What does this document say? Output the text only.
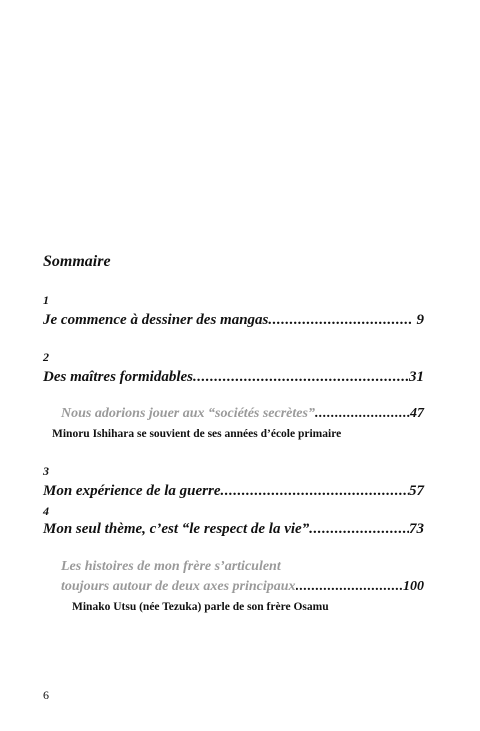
Sommaire
1
Je commence à dessiner des mangas .....	9
2
Des maîtres formidables .....	31
Nous adorions jouer aux “sociétés secrètes” .....	47
Minoru Ishihara se souvient de ses années d’école primaire
3
Mon expérience de la guerre .....	57
4
Mon seul thème, c’est “le respect de la vie” .....	73
Les histoires de mon frère s’articulent
toujours autour de deux axes principaux .....	100
Minako Utsu (née Tezuka) parle de son frère Osamu
6
